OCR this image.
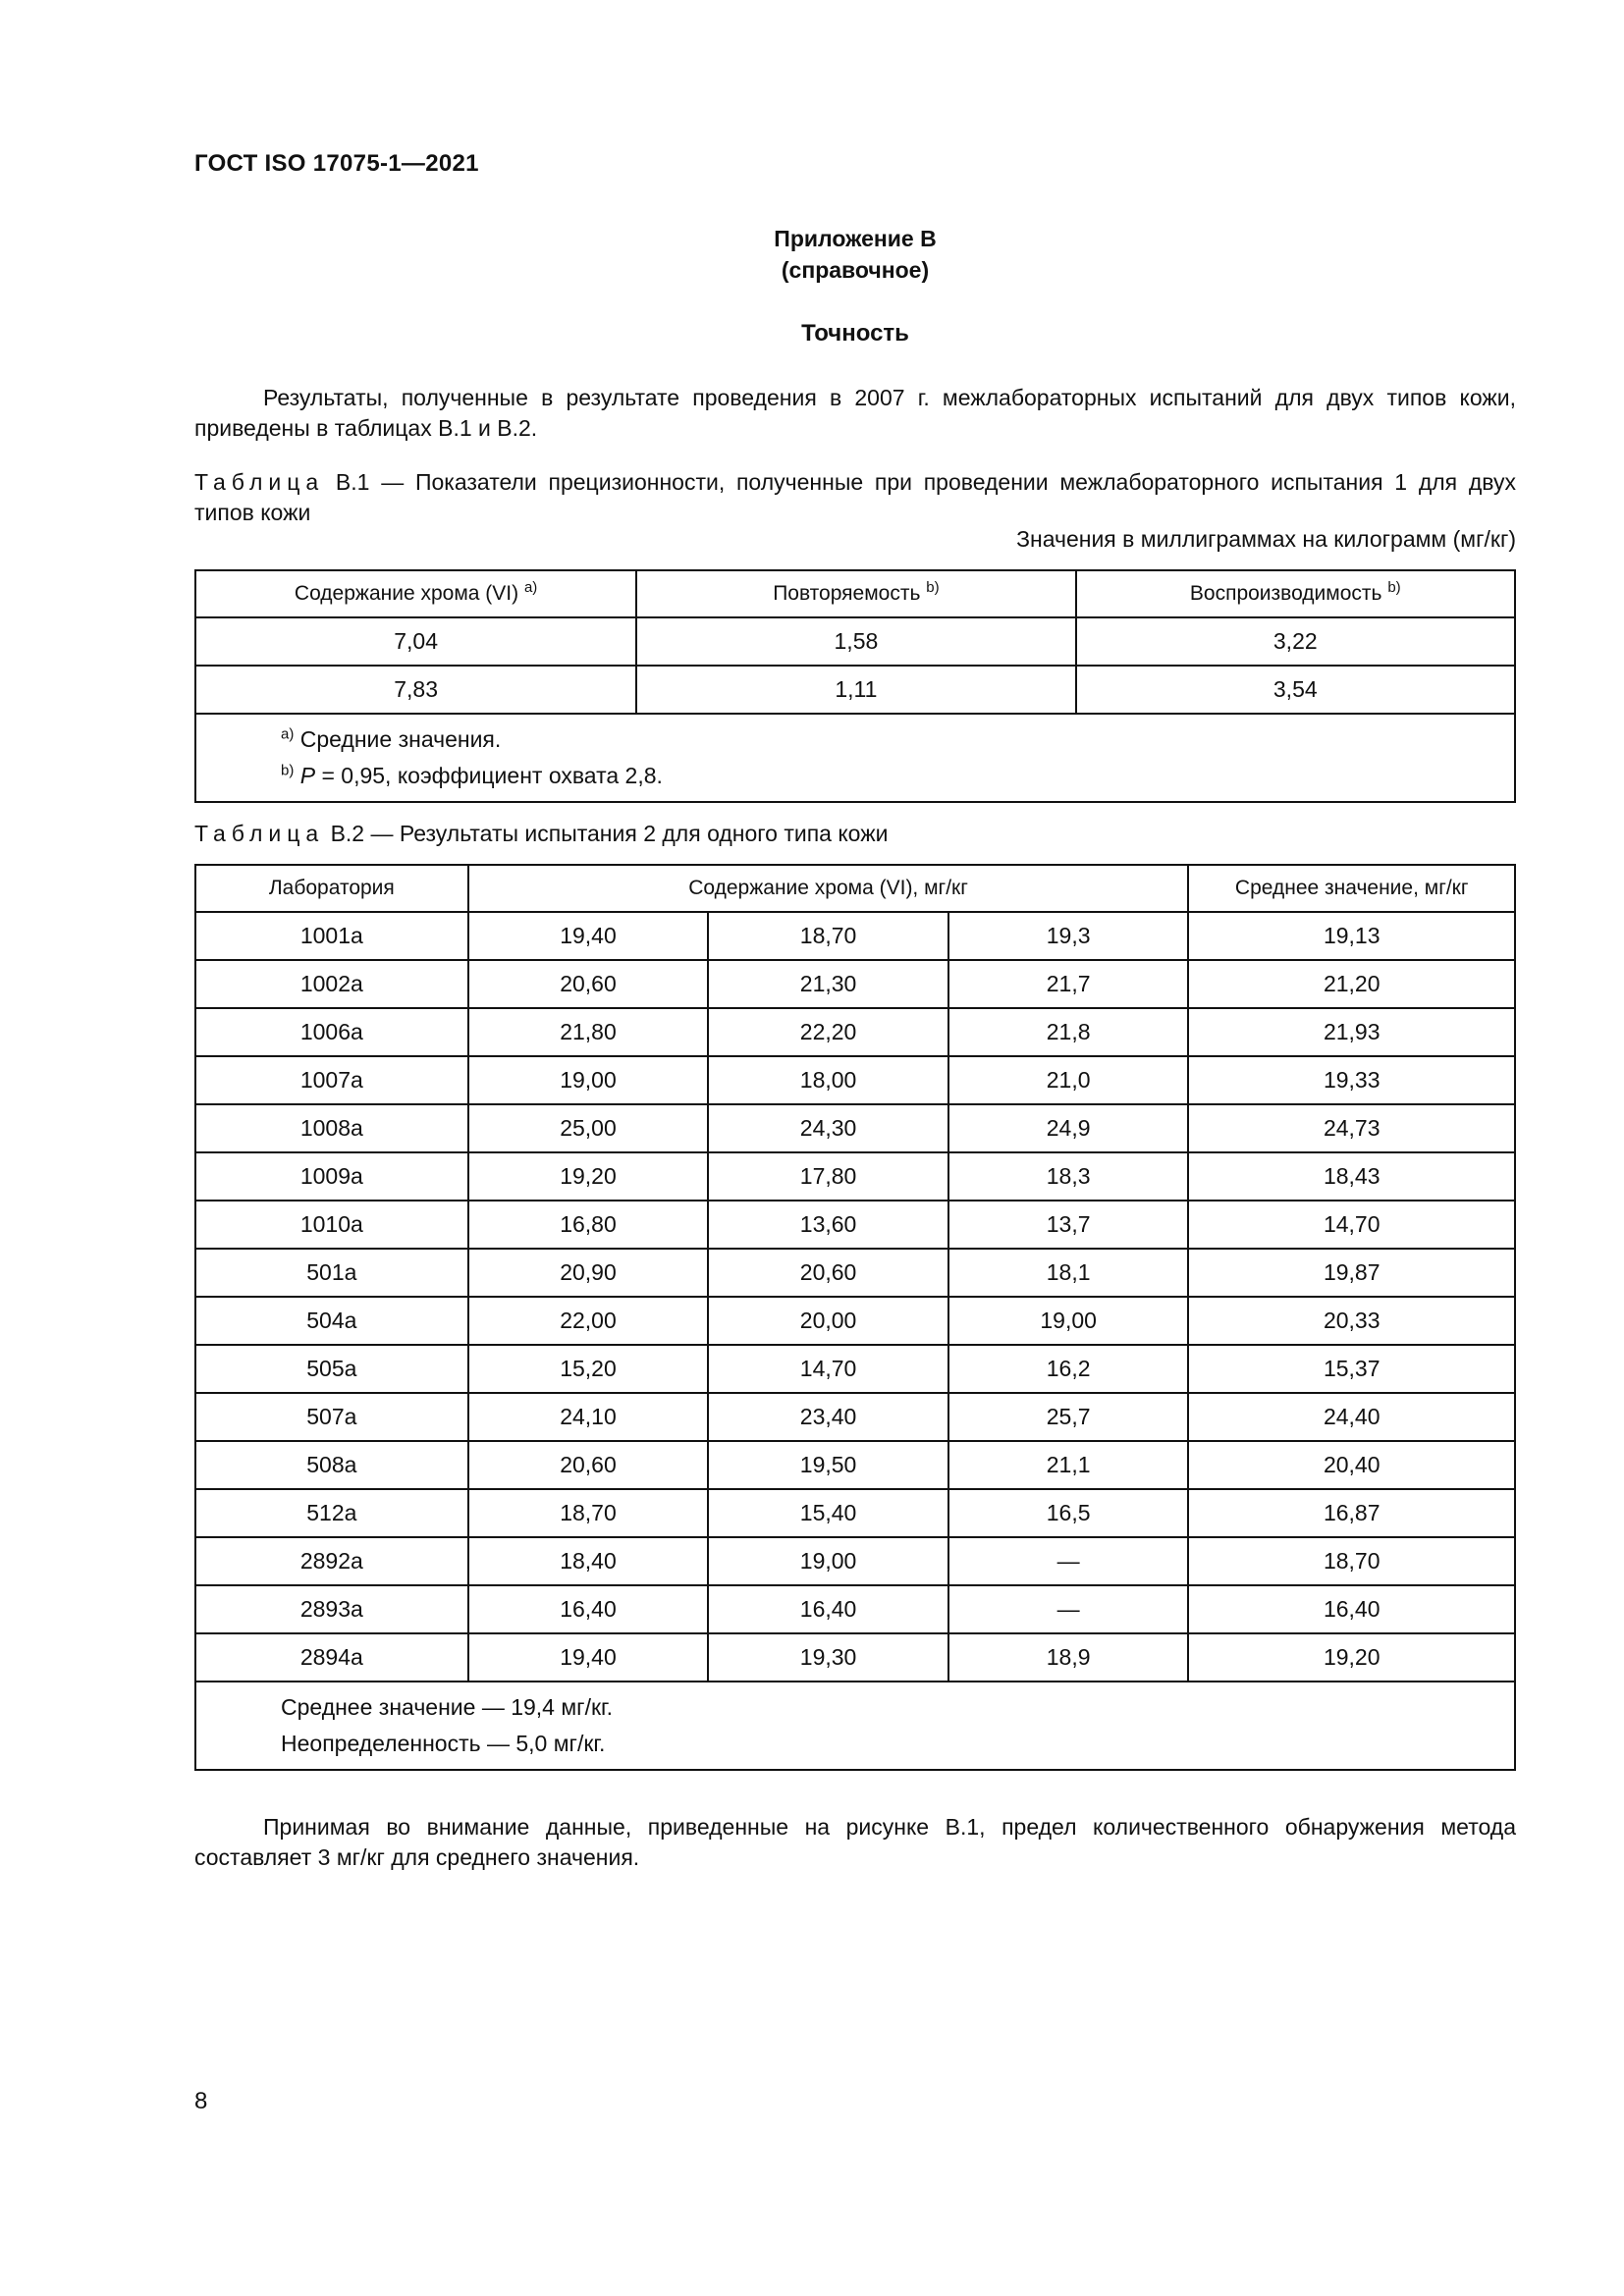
ГОСТ ISO 17075-1—2021
Приложение В
(справочное)
Точность
Результаты, полученные в результате проведения в 2007 г. межлабораторных испытаний для двух типов кожи, приведены в таблицах В.1 и В.2.
Таблица В.1 — Показатели прецизионности, полученные при проведении межлабораторного испытания 1 для двух типов кожи
Значения в миллиграммах на килограмм (мг/кг)
Содержание хрома (VI) $^{a)}$	Повторяемость $^{b)}$	Воспроизводимость $^{b)}$
7,04	1,58	3,22
7,83	1,11	3,54

$^{a)}$ Средние значения.
$^{b)}$ P = 0,95, коэффициент охвата 2,8.		
Таблица В.2 — Результаты испытания 2 для одного типа кожи
Лаборатория	Содержание хрома (VI), мг/кг			Среднее значение, мг/кг
1001a	19,40	18,70	19,3	19,13
1002a	20,60	21,30	21,7	21,20
1006a	21,80	22,20	21,8	21,93
1007a	19,00	18,00	21,0	19,33
1008a	25,00	24,30	24,9	24,73
1009a	19,20	17,80	18,3	18,43
1010a	16,80	13,60	13,7	14,70
501a	20,90	20,60	18,1	19,87
504a	22,00	20,00	19,00	20,33
505a	15,20	14,70	16,2	15,37
507a	24,10	23,40	25,7	24,40
508a	20,60	19,50	21,1	20,40
512a	18,70	15,40	16,5	16,87
2892a	18,40	19,00	—	18,70
2893a	16,40	16,40	—	16,40
2894a	19,40	19,30	18,9	19,20

Среднее значение — 19,4 мг/кг.
Неопределенность — 5,0 мг/кг.				
Принимая во внимание данные, приведенные на рисунке В.1, предел количественного обнаружения метода составляет 3 мг/кг для среднего значения.
8
